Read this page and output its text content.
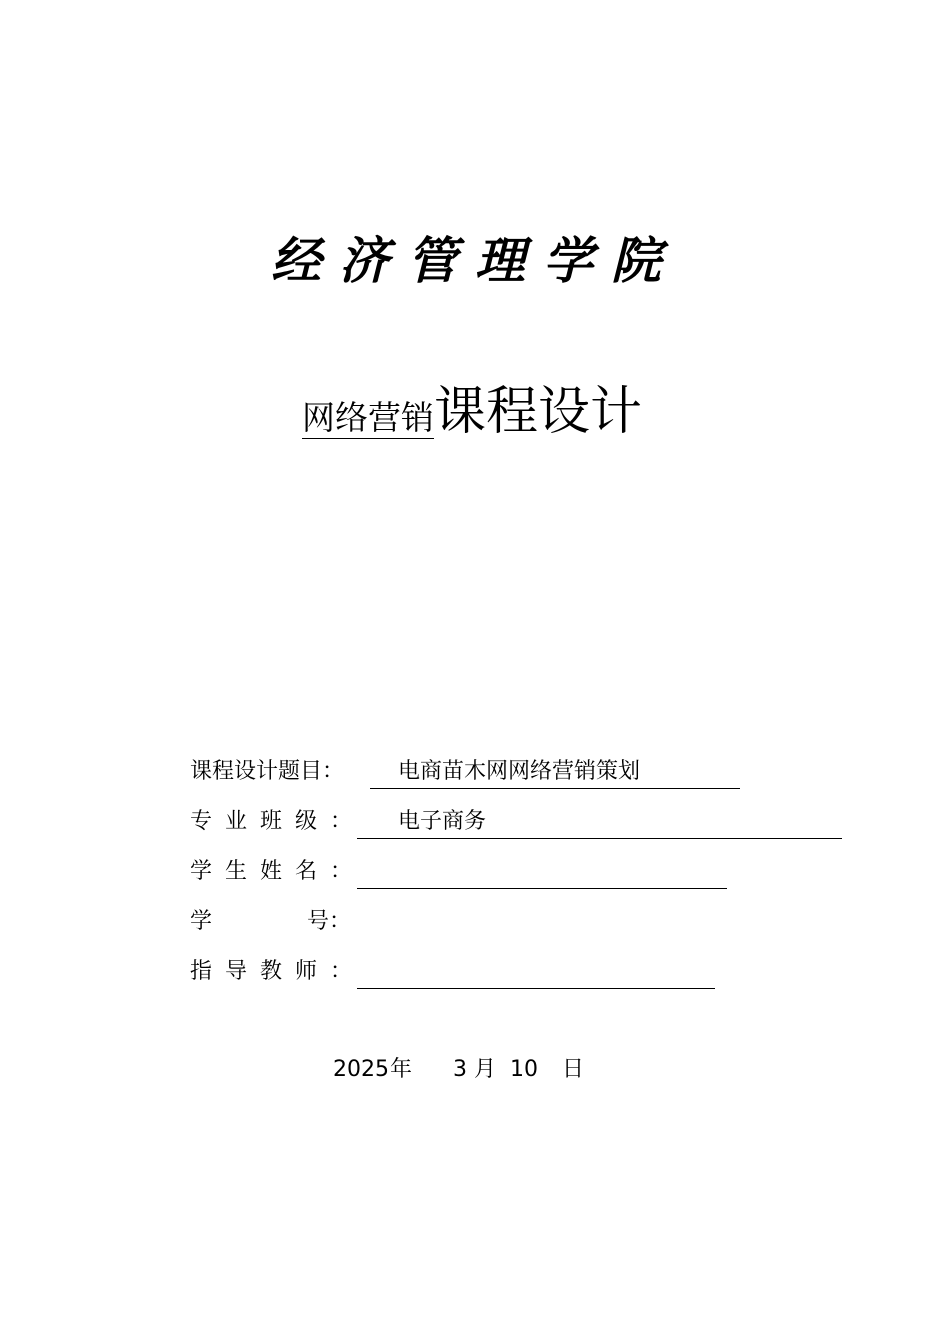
经济管理学院
网络营销课程设计
课程设计题目： 电商苗木网网络营销策划
专业班级： 电子商务
学生姓名：
学	号：
指导教师：
2025 年 3 月 10 日
